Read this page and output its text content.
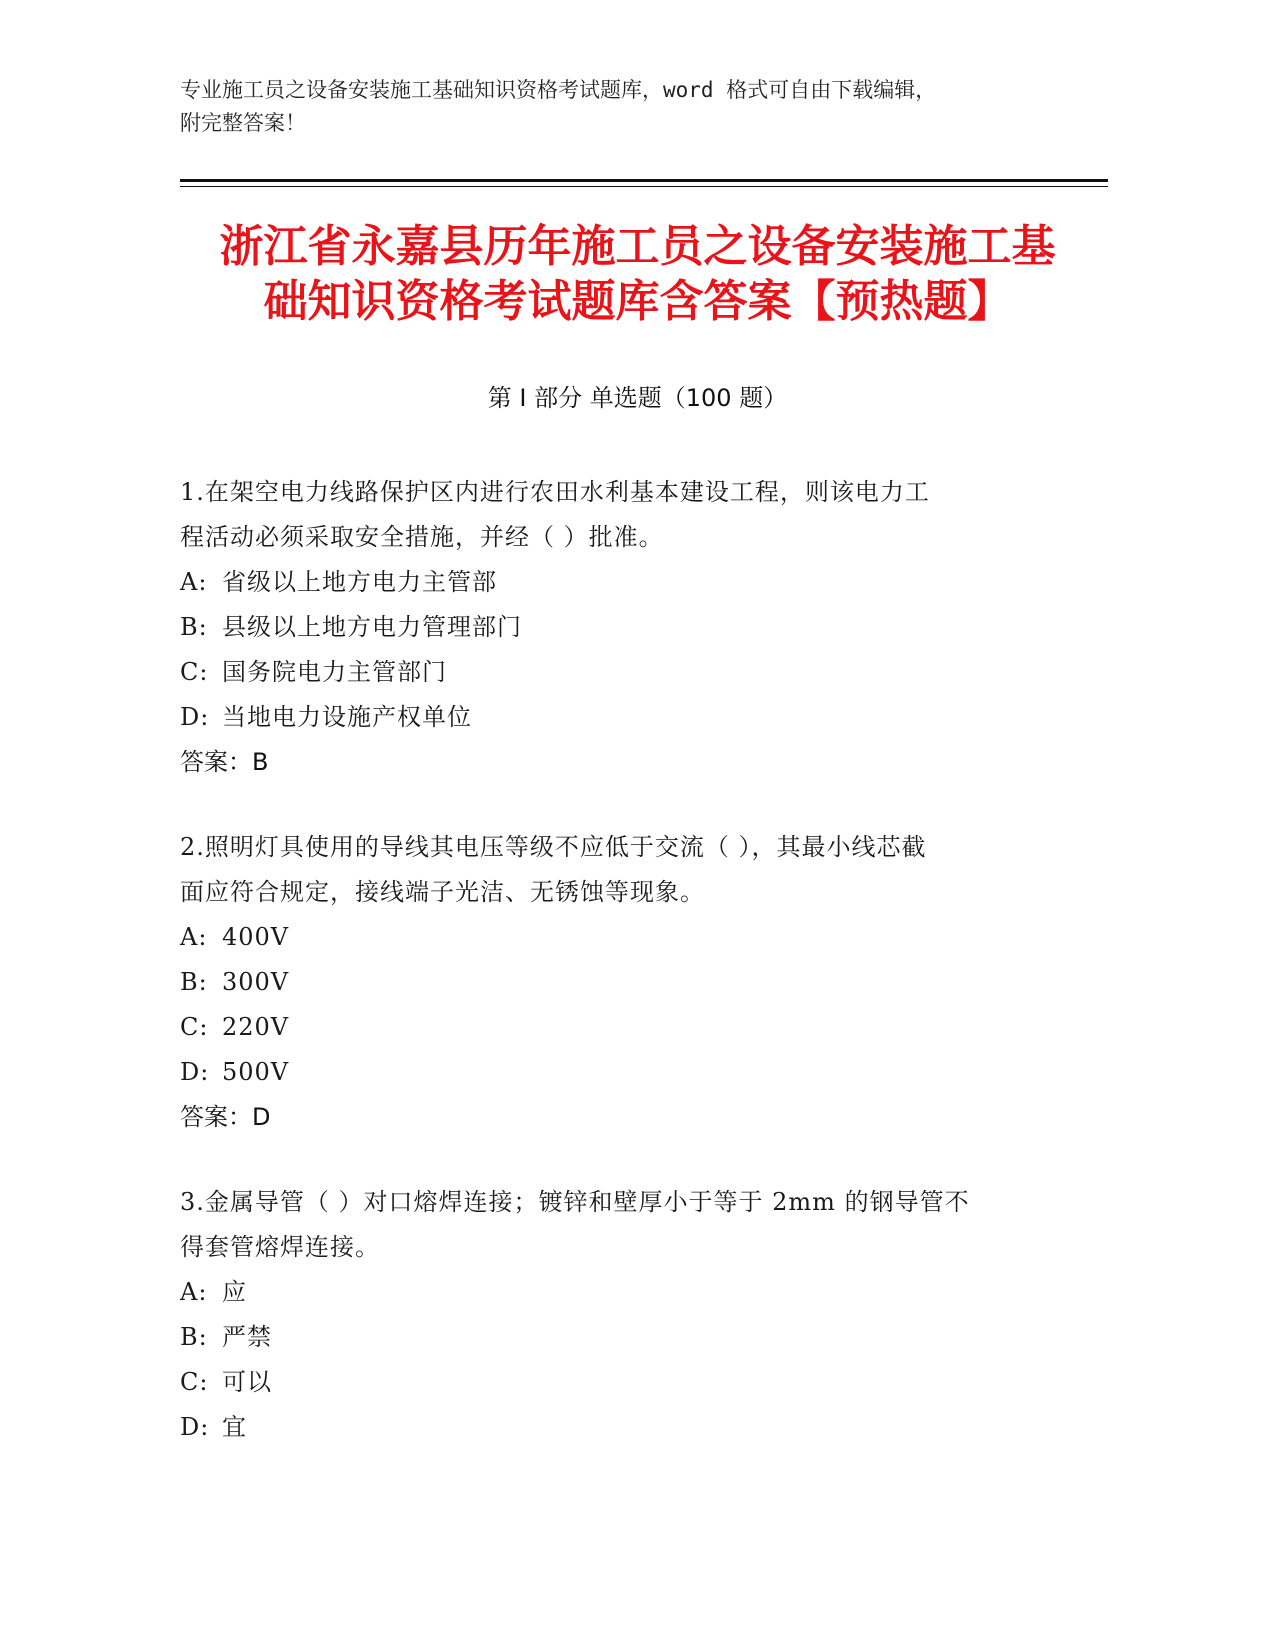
专业施工员之设备安装施工基础知识资格考试题库，word 格式可自由下载编辑，
附完整答案！
浙江省永嘉县历年施工员之设备安装施工基
础知识资格考试题库含答案【预热题】
第 I 部分 单选题（100 题）

1.在架空电力线路保护区内进行农田水利基本建设工程，则该电力工

程活动必须采取安全措施，并经（ ）批准。

A: 省级以上地方电力主管部

B: 县级以上地方电力管理部门

C: 国务院电力主管部门

D: 当地电力设施产权单位

答案：B

2.照明灯具使用的导线其电压等级不应低于交流（ ），其最小线芯截

面应符合规定，接线端子光洁、无锈蚀等现象。

A: 400V

B: 300V

C: 220V

D: 500V

答案：D

3.金属导管（ ）对口熔焊连接；镀锌和壁厚小于等于 2mm 的钢导管不

得套管熔焊连接。

A: 应

B: 严禁

C: 可以

D: 宜
